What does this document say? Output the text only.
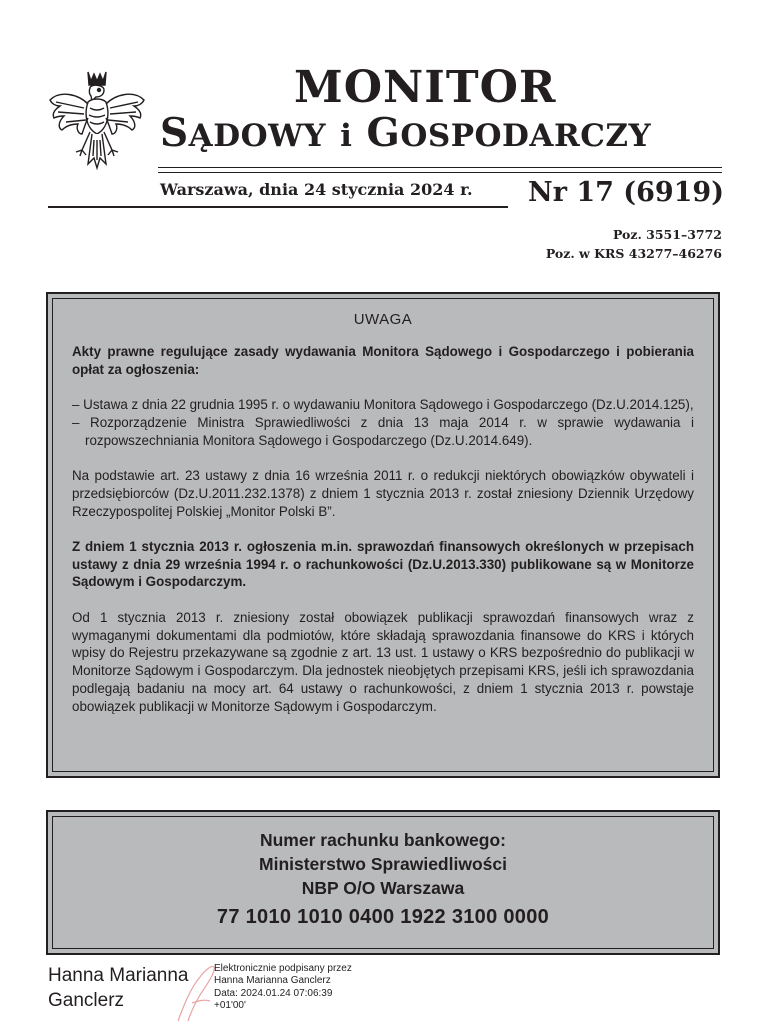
MONITOR
SĄDOWY i GOSPODARCZY
Warszawa, dnia 24 stycznia 2024 r. Nr 17 (6919)
Poz. 3551–3772
Poz. w KRS 43277–46276
UWAGA

Akty prawne regulujące zasady wydawania Monitora Sądowego i Gospodarczego i pobierania opłat za ogłoszenia:

– Ustawa z dnia 22 grudnia 1995 r. o wydawaniu Monitora Sądowego i Gospodarczego (Dz.U.2014.125),
– Rozporządzenie Ministra Sprawiedliwości z dnia 13 maja 2014 r. w sprawie wydawania i rozpowszechniania Monitora Sądowego i Gospodarczego (Dz.U.2014.649).

Na podstawie art. 23 ustawy z dnia 16 września 2011 r. o redukcji niektórych obowiązków obywateli i przedsiębiorców (Dz.U.2011.232.1378) z dniem 1 stycznia 2013 r. został zniesiony Dziennik Urzędowy Rzeczypospolitej Polskiej „Monitor Polski B”.

Z dniem 1 stycznia 2013 r. ogłoszenia m.in. sprawozdań finansowych określonych w przepisach ustawy z dnia 29 września 1994 r. o rachunkowości (Dz.U.2013.330) publikowane są w Monitorze Sądowym i Gospodarczym.

Od 1 stycznia 2013 r. zniesiony został obowiązek publikacji sprawozdań finansowych wraz z wymaganymi dokumentami dla podmiotów, które składają sprawozdania finansowe do KRS i których wpisy do Rejestru przekazywane są zgodnie z art. 13 ust. 1 ustawy o KRS bezpośrednio do publikacji w Monitorze Sądowym i Gospodarczym. Dla jednostek nieobjętych przepisami KRS, jeśli ich sprawozdania podlegają badaniu na mocy art. 64 ustawy o rachunkowości, z dniem 1 stycznia 2013 r. powstaje obowiązek publikacji w Monitorze Sądowym i Gospodarczym.

Numer rachunku bankowego:
Ministerstwo Sprawiedliwości
NBP O/O Warszawa
77 1010 1010 0400 1922 3100 0000
Hanna Marianna
Ganclerz
Elektronicznie podpisany przez
Hanna Marianna Ganclerz
Data: 2024.01.24 07:06:39
+01'00'
